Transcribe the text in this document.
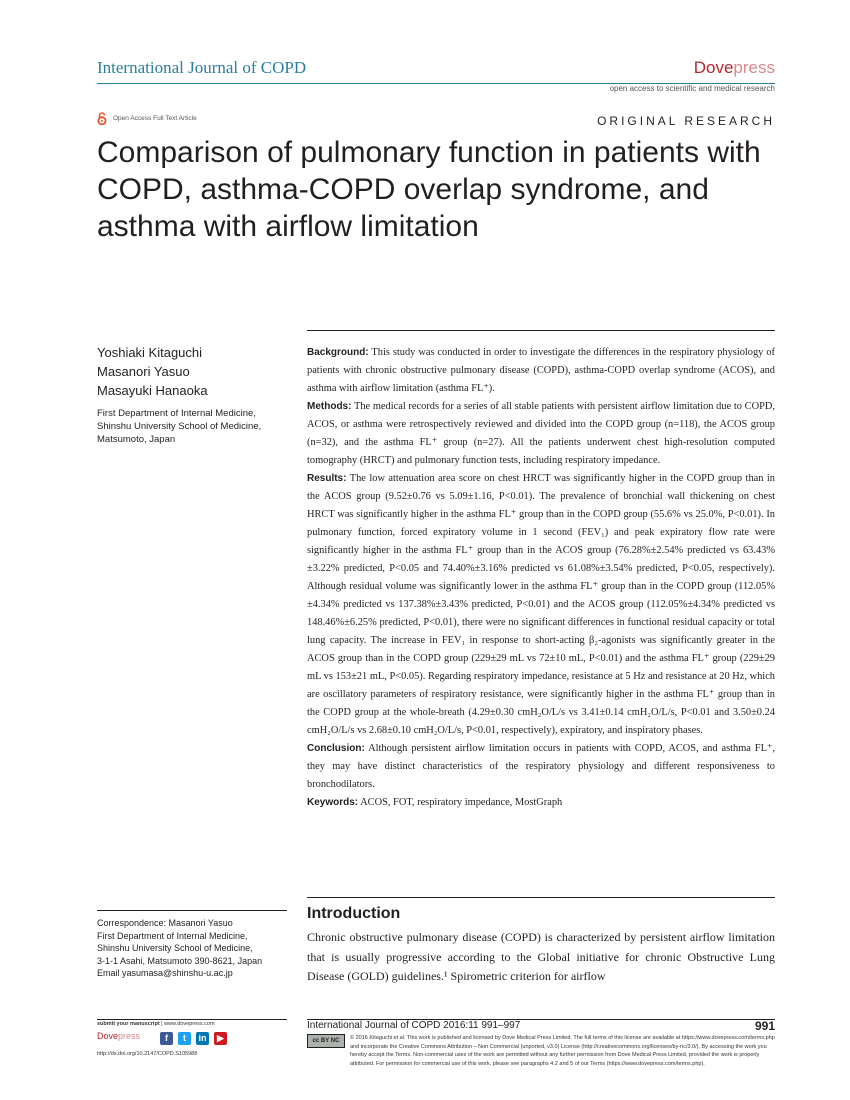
International Journal of COPD	Dovepress
open access to scientific and medical research
Open Access Full Text Article	ORIGINAL RESEARCH
Comparison of pulmonary function in patients with COPD, asthma-COPD overlap syndrome, and asthma with airflow limitation
Yoshiaki Kitaguchi
Masanori Yasuo
Masayuki Hanaoka
First Department of Internal Medicine, Shinshu University School of Medicine, Matsumoto, Japan

Background: This study was conducted in order to investigate the differences in the respiratory physiology of patients with chronic obstructive pulmonary disease (COPD), asthma-COPD overlap syndrome (ACOS), and asthma with airflow limitation (asthma FL⁺).

Methods: The medical records for a series of all stable patients with persistent airflow limitation due to COPD, ACOS, or asthma were retrospectively reviewed and divided into the COPD group (n=118), the ACOS group (n=32), and the asthma FL⁺ group (n=27). All the patients underwent chest high-resolution computed tomography (HRCT) and pulmonary function tests, including respiratory impedance.

Results: The low attenuation area score on chest HRCT was significantly higher in the COPD group than in the ACOS group (9.52±0.76 vs 5.09±1.16, P<0.01). The prevalence of bronchial wall thickening on chest HRCT was significantly higher in the asthma FL⁺ group than in the COPD group (55.6% vs 25.0%, P<0.01). In pulmonary function, forced expiratory volume in 1 second (FEV₁) and peak expiratory flow rate were significantly higher in the asthma FL⁺ group than in the ACOS group (76.28%±2.54% predicted vs 63.43%±3.22% predicted, P<0.05 and 74.40%±3.16% predicted vs 61.08%±3.54% predicted, P<0.05, respectively). Although residual volume was significantly lower in the asthma FL⁺ group than in the COPD group (112.05%±4.34% predicted vs 137.38%±3.43% predicted, P<0.01) and the ACOS group (112.05%±4.34% predicted vs 148.46%±6.25% predicted, P<0.01), there were no significant differences in functional residual capacity or total lung capacity. The increase in FEV₁ in response to short-acting β₂-agonists was significantly greater in the ACOS group than in the COPD group (229±29 mL vs 72±10 mL, P<0.01) and the asthma FL⁺ group (229±29 mL vs 153±21 mL, P<0.05). Regarding respiratory impedance, resistance at 5 Hz and resistance at 20 Hz, which are oscillatory parameters of respiratory resistance, were significantly higher in the asthma FL⁺ group than in the COPD group at the whole-breath (4.29±0.30 cmH₂O/L/s vs 3.41±0.14 cmH₂O/L/s, P<0.01 and 3.50±0.24 cmH₂O/L/s vs 2.68±0.10 cmH₂O/L/s, P<0.01, respectively), expiratory, and inspiratory phases.

Conclusion: Although persistent airflow limitation occurs in patients with COPD, ACOS, and asthma FL⁺, they may have distinct characteristics of the respiratory physiology and different responsiveness to bronchodilators.

Keywords: ACOS, FOT, respiratory impedance, MostGraph

Correspondence: Masanori Yasuo
First Department of Internal Medicine,
Shinshu University School of Medicine,
3-1-1 Asahi, Matsumoto 390-8621, Japan
Email yasumasa@shinshu-u.ac.jp
Introduction

Chronic obstructive pulmonary disease (COPD) is characterized by persistent airflow limitation that is usually progressive according to the Global initiative for chronic Obstructive Lung Disease (GOLD) guidelines.¹ Spirometric criterion for airflow

submit your manuscript | www.dovepress.com
Dovepress	f	t	in	▶
http://dx.doi.org/10.2147/COPD.S105988
International Journal of COPD 2016:11 991–997	991
cc BY NC	© 2016 Kitaguchi et al. This work is published and licensed by Dove Medical Press Limited. The full terms of this license are available at https://www.dovepress.com/terms.php and incorporate the Creative Commons Attribution – Non Commercial (unported, v3.0) License (http://creativecommons.org/licenses/by-nc/3.0/). By accessing the work you hereby accept the Terms. Non-commercial uses of the work are permitted without any further permission from Dove Medical Press Limited, provided the work is properly attributed. For permission for commercial use of this work, please see paragraphs 4.2 and 5 of our Terms (https://www.dovepress.com/terms.php).
